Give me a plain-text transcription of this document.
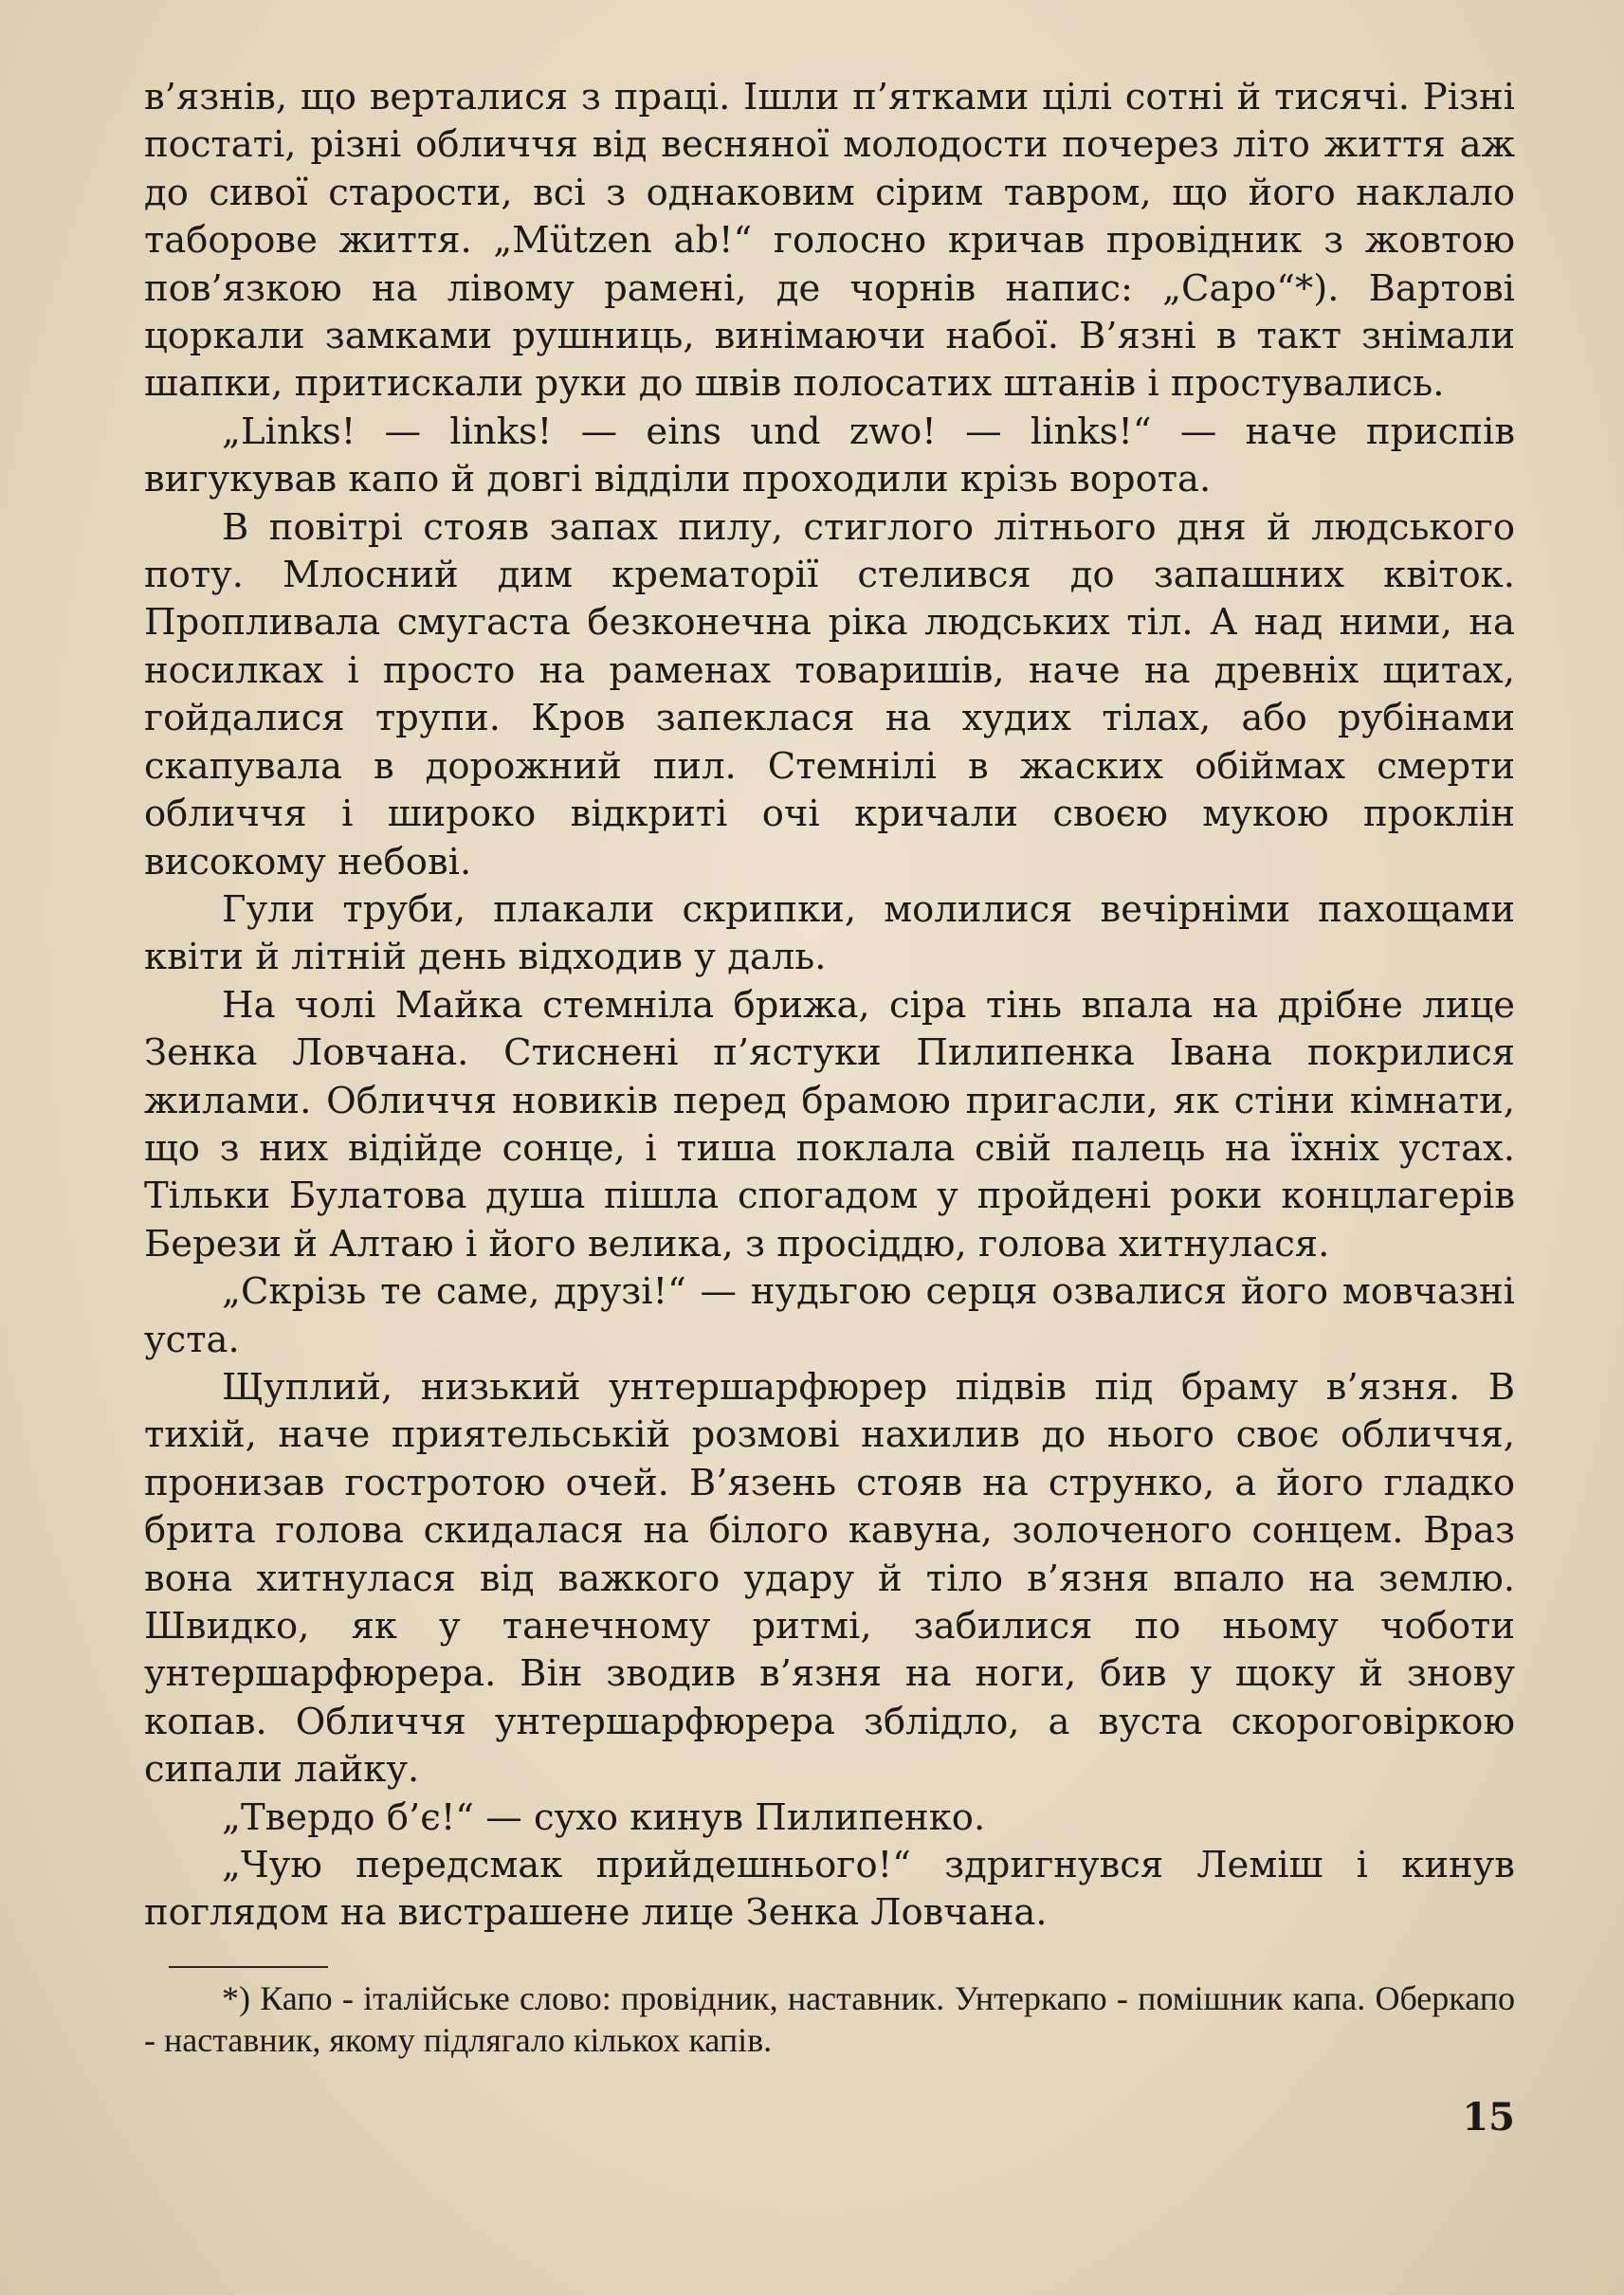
в’язнів, що верталися з праці. Ішли п’ятками цілі сотні й тисячі. Різні постаті, різні обличчя від весняної молодости почерез літо життя аж до сивої старости, всі з однаковим сірим тавром, що його наклало таборове життя. „Mützen ab!“ голосно кричав провідник з жовтою пов’язкою на лівому рамені, де чорнів напис: „Capo“*). Вартові цоркали замками рушниць, винімаючи набої. В’язні в такт знімали шапки, притискали руки до швів полосатих штанів і простувались.

„Links! — links! — eins und zwo! — links!“ — наче приспів вигукував капо й довгі відділи проходили крізь ворота.

В повітрі стояв запах пилу, стиглого літнього дня й людського поту. Млосний дим крематорії стелився до запашних квіток. Пропливала смугаста безконечна ріка людських тіл. А над ними, на носилках і просто на раменах товаришів, наче на древніх щитах, гойдалися трупи. Кров запеклася на худих тілах, або рубінами скапувала в дорожний пил. Стемнілі в жаских обіймах смерти обличчя і широко відкриті очі кричали своєю мукою проклін високому небові.

Гули труби, плакали скрипки, молилися вечірніми пахощами квіти й літній день відходив у даль.

На чолі Майка стемніла брижа, сіра тінь впала на дрібне лице Зенка Ловчана. Стиснені п’ястуки Пилипенка Івана покрилися жилами. Обличчя новиків перед брамою пригасли, як стіни кімнати, що з них відійде сонце, і тиша поклала свій палець на їхніх устах. Тільки Булатова душа пішла спогадом у пройдені роки концлагерів Берези й Алтаю і його велика, з просіддю, голова хитнулася.

„Скрізь те саме, друзі!“ — нудьгою серця озвалися його мовчазні уста.

Щуплий, низький унтершарфюрер підвів під браму в’язня. В тихій, наче приятельській розмові нахилив до нього своє обличчя, пронизав гостротою очей. В’язень стояв на струнко, а його гладко брита голова скидалася на білого кавуна, золоченого сонцем. Враз вона хитнулася від важкого удару й тіло в’язня впало на землю. Швидко, як у танечному ритмі, забилися по ньому чоботи унтершарфюрера. Він зводив в’язня на ноги, бив у щоку й знову копав. Обличчя унтершарфюрера зблідло, а вуста скороговіркою сипали лайку.

„Твердо б’є!“ — сухо кинув Пилипенко.

„Чую передсмак прийдешнього!“ здригнувся Леміш і кинув поглядом на вистрашене лице Зенка Ловчана.

*) Капо - італійське слово: провідник, наставник. Унтеркапо - помішник капа. Оберкапо - наставник, якому підлягало кількох капів.

15
